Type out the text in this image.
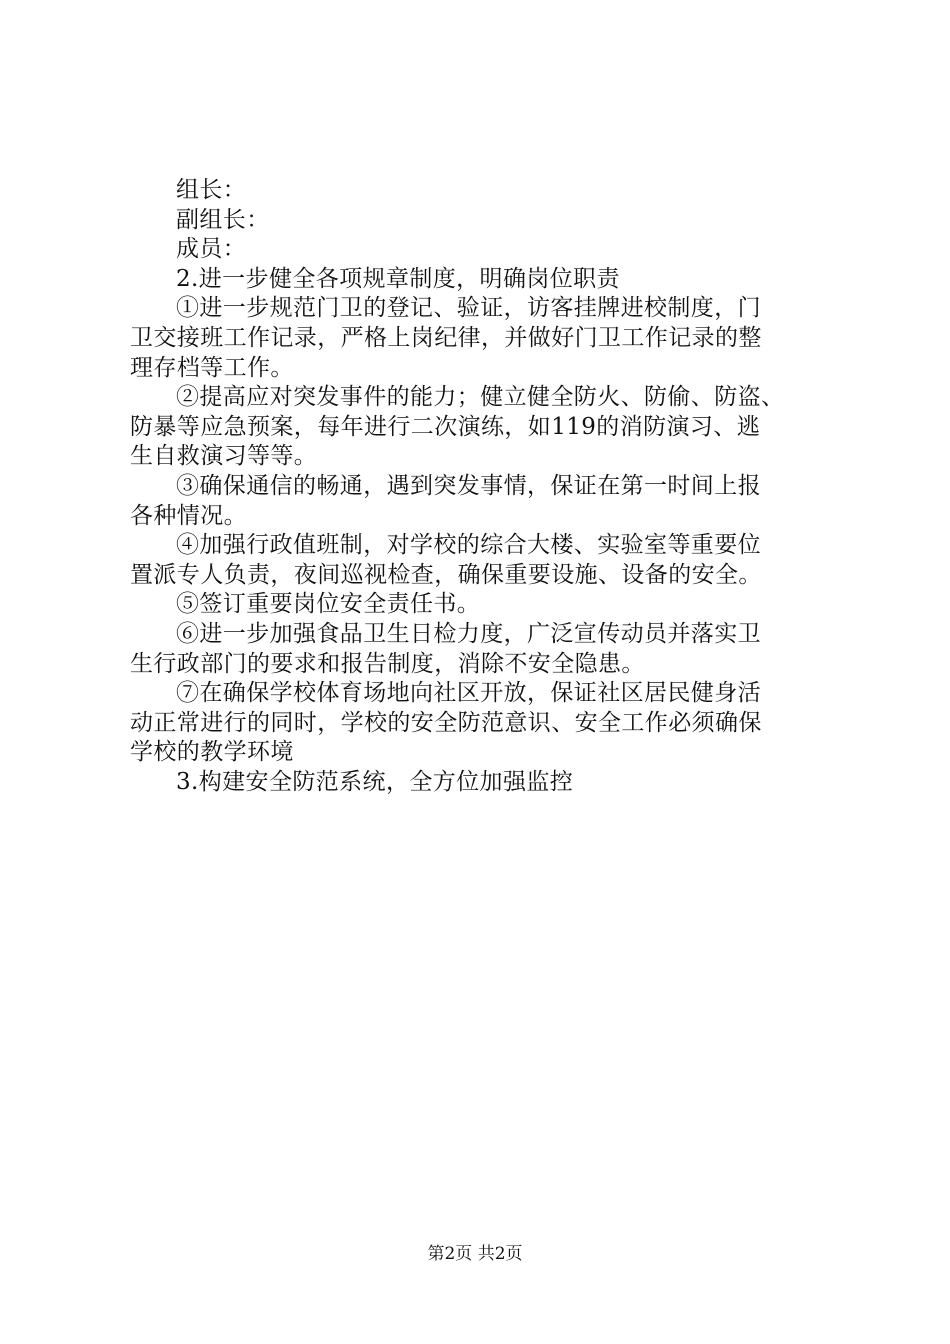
组长：

副组长：

成员：

2.进一步健全各项规章制度，明确岗位职责

①进一步规范门卫的登记、验证，访客挂牌进校制度，门

卫交接班工作记录，严格上岗纪律，并做好门卫工作记录的整

理存档等工作。

②提高应对突发事件的能力；健立健全防火、防偷、防盗、

防暴等应急预案，每年进行二次演练，如119的消防演习、逃

生自救演习等等。

③确保通信的畅通，遇到突发事情，保证在第一时间上报

各种情况。

④加强行政值班制，对学校的综合大楼、实验室等重要位

置派专人负责，夜间巡视检查，确保重要设施、设备的安全。

⑤签订重要岗位安全责任书。

⑥进一步加强食品卫生日检力度，广泛宣传动员并落实卫

生行政部门的要求和报告制度，消除不安全隐患。

⑦在确保学校体育场地向社区开放，保证社区居民健身活

动正常进行的同时，学校的安全防范意识、安全工作必须确保

学校的教学环境

3.构建安全防范系统，全方位加强监控

第2页 共2页
